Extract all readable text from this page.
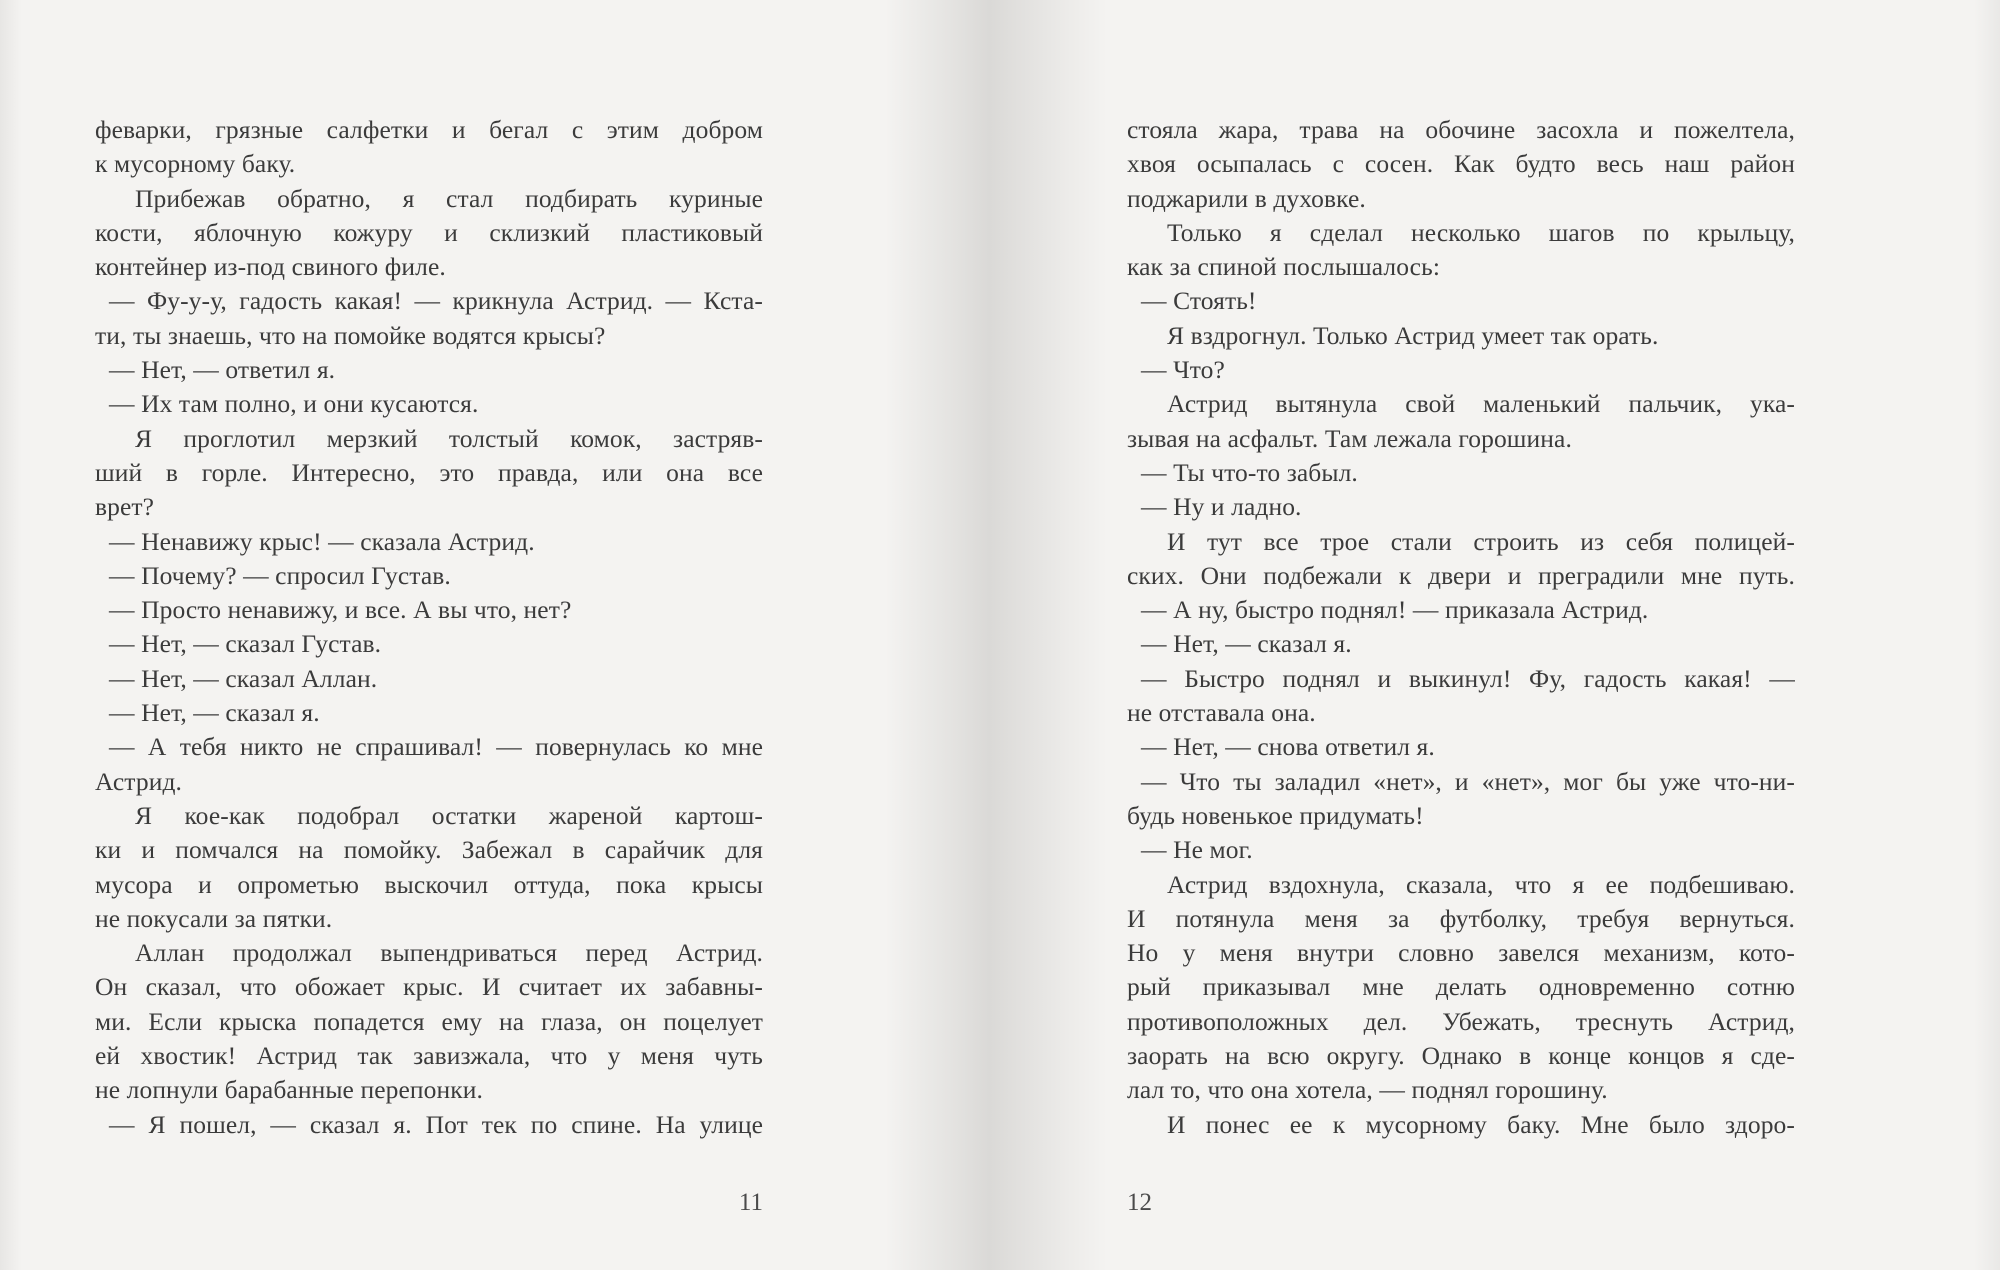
феварки, грязные салфетки и бегал с этим добром
к мусорному баку.
Прибежав обратно, я стал подбирать куриные
кости, яблочную кожуру и склизкий пластиковый
контейнер из-под свиного филе.
— Фу-у-у, гадость какая! — крикнула Астрид. — Кста-
ти, ты знаешь, что на помойке водятся крысы?
— Нет, — ответил я.
— Их там полно, и они кусаются.
Я проглотил мерзкий толстый комок, застряв-
ший в горле. Интересно, это правда, или она все
врет?
— Ненавижу крыс! — сказала Астрид.
— Почему? — спросил Густав.
— Просто ненавижу, и все. А вы что, нет?
— Нет, — сказал Густав.
— Нет, — сказал Аллан.
— Нет, — сказал я.
— А тебя никто не спрашивал! — повернулась ко мне
Астрид.
Я кое-как подобрал остатки жареной картош-
ки и помчался на помойку. Забежал в сарайчик для
мусора и опрометью выскочил оттуда, пока крысы
не покусали за пятки.
Аллан продолжал выпендриваться перед Астрид.
Он сказал, что обожает крыс. И считает их забавны-
ми. Если крыска попадется ему на глаза, он поцелует
ей хвостик! Астрид так завизжала, что у меня чуть
не лопнули барабанные перепонки.
— Я пошел, — сказал я. Пот тек по спине. На улице
11
стояла жара, трава на обочине засохла и пожелтела,
хвоя осыпалась с сосен. Как будто весь наш район
поджарили в духовке.
Только я сделал несколько шагов по крыльцу,
как за спиной послышалось:
— Стоять!
Я вздрогнул. Только Астрид умеет так орать.
— Что?
Астрид вытянула свой маленький пальчик, ука-
зывая на асфальт. Там лежала горошина.
— Ты что-то забыл.
— Ну и ладно.
И тут все трое стали строить из себя полицей-
ских. Они подбежали к двери и преградили мне путь.
— А ну, быстро поднял! — приказала Астрид.
— Нет, — сказал я.
— Быстро поднял и выкинул! Фу, гадость какая! —
не отставала она.
— Нет, — снова ответил я.
— Что ты заладил «нет», и «нет», мог бы уже что-ни-
будь новенькое придумать!
— Не мог.
Астрид вздохнула, сказала, что я ее подбешиваю.
И потянула меня за футболку, требуя вернуться.
Но у меня внутри словно завелся механизм, кото-
рый приказывал мне делать одновременно сотню
противоположных дел. Убежать, треснуть Астрид,
заорать на всю округу. Однако в конце концов я сде-
лал то, что она хотела, — поднял горошину.
И понес ее к мусорному баку. Мне было здоро-
12
